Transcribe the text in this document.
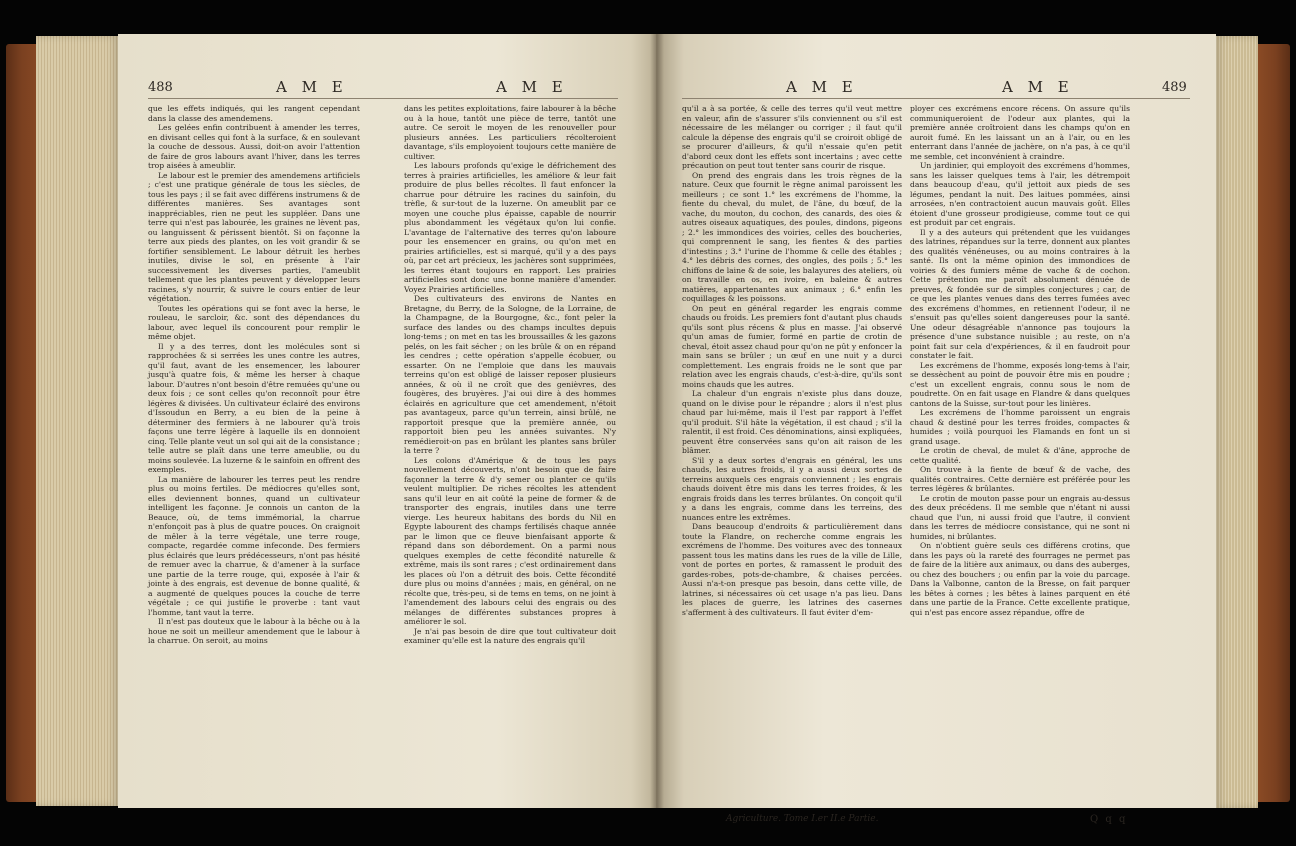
488	A M E	A M E

que les effets indiqués, qui les rangent cependant dans la classe des amendemens.

Les gelées enfin contribuent à amender les terres, en divisant celles qui font à la surface, & en soulevant la couche de dessous. Aussi, doit-on avoir l'attention de faire de gros labours avant l'hiver, dans les terres trop aisées à ameublir.

Le labour est le premier des amendemens artificiels ; c'est une pratique générale de tous les siècles, de tous les pays ; il se fait avec différens instrumens & de différentes manières. Ses avantages sont inappréciables, rien ne peut les suppléer. Dans une terre qui n'est pas labourée, les graines ne lèvent pas, ou languissent & périssent bientôt. Si on façonne la terre aux pieds des plantes, on les voit grandir & se fortifier sensiblement. Le labour détruit les herbes inutiles, divise le sol, en présente à l'air successivement les diverses parties, l'ameublit tellement que les plantes peuvent y développer leurs racines, s'y nourrir, & suivre le cours entier de leur végétation.

Toutes les opérations qui se font avec la herse, le rouleau, le sarcloir, &c. sont des dépendances du labour, avec lequel ils concourent pour remplir le même objet.

Il y a des terres, dont les molécules sont si rapprochées & si serrées les unes contre les autres, qu'il faut, avant de les ensemencer, les labourer jusqu'à quatre fois, & même les herser à chaque labour. D'autres n'ont besoin d'être remuées qu'une ou deux fois ; ce sont celles qu'on reconnoît pour être légères & divisées. Un cultivateur éclairé des environs d'Issoudun en Berry, a eu bien de la peine à déterminer des fermiers à ne labourer qu'à trois façons une terre légère à laquelle ils en donnoient cinq. Telle plante veut un sol qui ait de la consistance ; telle autre se plaît dans une terre ameublie, ou du moins soulevée. La luzerne & le sainfoin en offrent des exemples.

La manière de labourer les terres peut les rendre plus ou moins fertiles. De médiocres qu'elles sont, elles deviennent bonnes, quand un cultivateur intelligent les façonne. Je connois un canton de la Beauce, où, de tems immémorial, la charrue n'enfonçoit pas à plus de quatre pouces. On craignoit de mêler à la terre végétale, une terre rouge, compacte, regardée comme infeconde. Des fermiers plus éclairés que leurs prédécesseurs, n'ont pas hésité de remuer avec la charrue, & d'amener à la surface une partie de la terre rouge, qui, exposée à l'air & jointe à des engrais, est devenue de bonne qualité, & a augmenté de quelques pouces la couche de terre végétale ; ce qui justifie le proverbe : tant vaut l'homme, tant vaut la terre.

Il n'est pas douteux que le labour à la bêche ou à la houe ne soit un meilleur amendement que le labour à la charrue. On seroit, au moins

dans les petites exploitations, faire labourer à la bêche ou à la houe, tantôt une pièce de terre, tantôt une autre. Ce seroit le moyen de les renouveller pour plusieurs années. Les particuliers récolteroient davantage, s'ils employoient toujours cette manière de cultiver.

Les labours profonds qu'exige le défrichement des terres à prairies artificielles, les améliore & leur fait produire de plus belles récoltes. Il faut enfoncer la charrue pour détruire les racines du sainfoin, du trèfle, & sur-tout de la luzerne. On ameublit par ce moyen une couche plus épaisse, capable de nourrir plus abondamment les végétaux qu'on lui confie. L'avantage de l'alternative des terres qu'on laboure pour les ensemencer en grains, ou qu'on met en prairies artificielles, est si marqué, qu'il y a des pays où, par cet art précieux, les jachères sont supprimées, les terres étant toujours en rapport. Les prairies artificielles sont donc une bonne manière d'amender. Voyez Prairies artificielles.

Des cultivateurs des environs de Nantes en Bretagne, du Berry, de la Sologne, de la Lorraine, de la Champagne, de la Bourgogne, &c., font peler la surface des landes ou des champs incultes depuis long-tems ; on met en tas les broussailles & les gazons pelés, on les fait sécher ; on les brûle & on en répand les cendres ; cette opération s'appelle écobuer, ou essarter. On ne l'emploie que dans les mauvais terreins qu'on est obligé de laisser reposer plusieurs années, & où il ne croît que des genièvres, des fougères, des bruyères. J'ai oui dire à des hommes éclairés en agriculture que cet amendement, n'étoit pas avantageux, parce qu'un terrein, ainsi brûlé, ne rapportoit presque que la première année, ou rapportoit bien peu les années suivantes. N'y remédieroit-on pas en brûlant les plantes sans brûler la terre ?

Les colons d'Amérique & de tous les pays nouvellement découverts, n'ont besoin que de faire façonner la terre & d'y semer ou planter ce qu'ils veulent multiplier. De riches récoltes les attendent sans qu'il leur en ait coûté la peine de former & de transporter des engrais, inutiles dans une terre vierge. Les heureux habitans des bords du Nil en Egypte labourent des champs fertilisés chaque année par le limon que ce fleuve bienfaisant apporte & répand dans son débordement. On a parmi nous quelques exemples de cette fécondité naturelle & extrême, mais ils sont rares ; c'est ordinairement dans les places où l'on a détruit des bois. Cette fécondité dure plus ou moins d'années ; mais, en général, on ne récolte que, très-peu, si de tems en tems, on ne joint à l'amendement des labours celui des engrais ou des mélanges de différentes substances propres à améliorer le sol.

Je n'ai pas besoin de dire que tout cultivateur doit examiner qu'elle est la nature des engrais qu'il

A M E	A M E	489

qu'il a à sa portée, & celle des terres qu'il veut mettre en valeur, afin de s'assurer s'ils conviennent ou s'il est nécessaire de les mélanger ou corriger ; il faut qu'il calcule la dépense des engrais qu'il se croiroit obligé de se procurer d'ailleurs, & qu'il n'essaie qu'en petit d'abord ceux dont les effets sont incertains ; avec cette précaution on peut tout tenter sans courir de risque.

On prend des engrais dans les trois règnes de la nature. Ceux que fournit le règne animal paroissent les meilleurs ; ce sont 1.° les excrémens de l'homme, la fiente du cheval, du mulet, de l'âne, du bœuf, de la vache, du mouton, du cochon, des canards, des oies & autres oiseaux aquatiques, des poules, dindons, pigeons ; 2.° les immondices des voiries, celles des boucheries, qui comprennent le sang, les fientes & des parties d'intestins ; 3.° l'urine de l'homme & celle des étables ; 4.° les débris des cornes, des ongles, des poils ; 5.° les chiffons de laine & de soie, les balayures des ateliers, où on travaille en os, en ivoire, en baleine & autres matières, appartenantes aux animaux ; 6.° enfin les coquillages & les poissons.

On peut en général regarder les engrais comme chauds ou froids. Les premiers font d'autant plus chauds qu'ils sont plus récens & plus en masse. J'ai observé qu'un amas de fumier, formé en partie de crotin de cheval, étoit assez chaud pour qu'on ne pût y enfoncer la main sans se brûler ; un œuf en une nuit y a durci complettement. Les engrais froids ne le sont que par relation avec les engrais chauds, c'est-à-dire, qu'ils sont moins chauds que les autres.

La chaleur d'un engrais n'existe plus dans douze, quand on le divise pour le répandre ; alors il n'est plus chaud par lui-même, mais il l'est par rapport à l'effet qu'il produit. S'il hâte la végétation, il est chaud ; s'il la ralentit, il est froid. Ces dénominations, ainsi expliquées, peuvent être conservées sans qu'on ait raison de les blâmer.

S'il y a deux sortes d'engrais en général, les uns chauds, les autres froids, il y a aussi deux sortes de terreins auxquels ces engrais conviennent ; les engrais chauds doivent être mis dans les terres froides, & les engrais froids dans les terres brûlantes. On conçoit qu'il y a dans les engrais, comme dans les terreins, des nuances entre les extrêmes.

Dans beaucoup d'endroits & particulièrement dans toute la Flandre, on recherche comme engrais les excrémens de l'homme. Des voitures avec des tonneaux passent tous les matins dans les rues de la ville de Lille, vont de portes en portes, & ramassent le produit des gardes-robes, pots-de-chambre, & chaises percées. Aussi n'a-t-on presque pas besoin, dans cette ville, de latrines, si nécessaires où cet usage n'a pas lieu. Dans les places de guerre, les latrines des casernes s'afferment à des cultivateurs. Il faut éviter d'em-

ployer ces excrémens encore récens. On assure qu'ils communiqueroient de l'odeur aux plantes, qui la première année croîtroient dans les champs qu'on en auroit fumé. En les laissant un an à l'air, ou en les enterrant dans l'année de jachère, on n'a pas, à ce qu'il me semble, cet inconvénient à craindre.

Un jardinier, qui employoit des excrémens d'hommes, sans les laisser quelques tems à l'air, les détrempoit dans beaucoup d'eau, qu'il jettoit aux pieds de ses légumes, pendant la nuit. Des laitues pommées, ainsi arrosées, n'en contractoient aucun mauvais goût. Elles étoient d'une grosseur prodigieuse, comme tout ce qui est produit par cet engrais.

Il y a des auteurs qui prétendent que les vuidanges des latrines, répandues sur la terre, donnent aux plantes des qualités vénéneuses, ou au moins contraires à la santé. Ils ont la même opinion des immondices de voiries & des fumiers même de vache & de cochon. Cette prétention me paroît absolument dénuée de preuves, & fondée sur de simples conjectures ; car, de ce que les plantes venues dans des terres fumées avec des excrémens d'hommes, en retiennent l'odeur, il ne s'ensuit pas qu'elles soient dangereuses pour la santé. Une odeur désagréable n'annonce pas toujours la présence d'une substance nuisible ; au reste, on n'a point fait sur cela d'expériences, & il en faudroit pour constater le fait.

Les excrémens de l'homme, exposés long-tems à l'air, se dessèchent au point de pouvoir être mis en poudre ; c'est un excellent engrais, connu sous le nom de poudrette. On en fait usage en Flandre & dans quelques cantons de la Suisse, sur-tout pour les linières.

Les excrémens de l'homme paroissent un engrais chaud & destiné pour les terres froides, compactes & humides ; voilà pourquoi les Flamands en font un si grand usage.

Le crotin de cheval, de mulet & d'âne, approche de cette qualité.

On trouve à la fiente de bœuf & de vache, des qualités contraires. Cette dernière est préférée pour les terres légères & brûlantes.

Le crotin de mouton passe pour un engrais au-dessus des deux précédens. Il me semble que n'étant ni aussi chaud que l'un, ni aussi froid que l'autre, il convient dans les terres de médiocre consistance, qui ne sont ni humides, ni brûlantes.

On n'obtient guère seuls ces différens crotins, que dans les pays où la rareté des fourrages ne permet pas de faire de la litière aux animaux, ou dans des auberges, ou chez des bouchers ; ou enfin par la voie du parcage. Dans la Valbonne, canton de la Bresse, on fait parquer les bêtes à cornes ; les bêtes à laines parquent en été dans une partie de la France. Cette excellente pratique, qui n'est pas encore assez répandue, offre de

Agriculture. Tome I.er II.e Partie.	Q q q
